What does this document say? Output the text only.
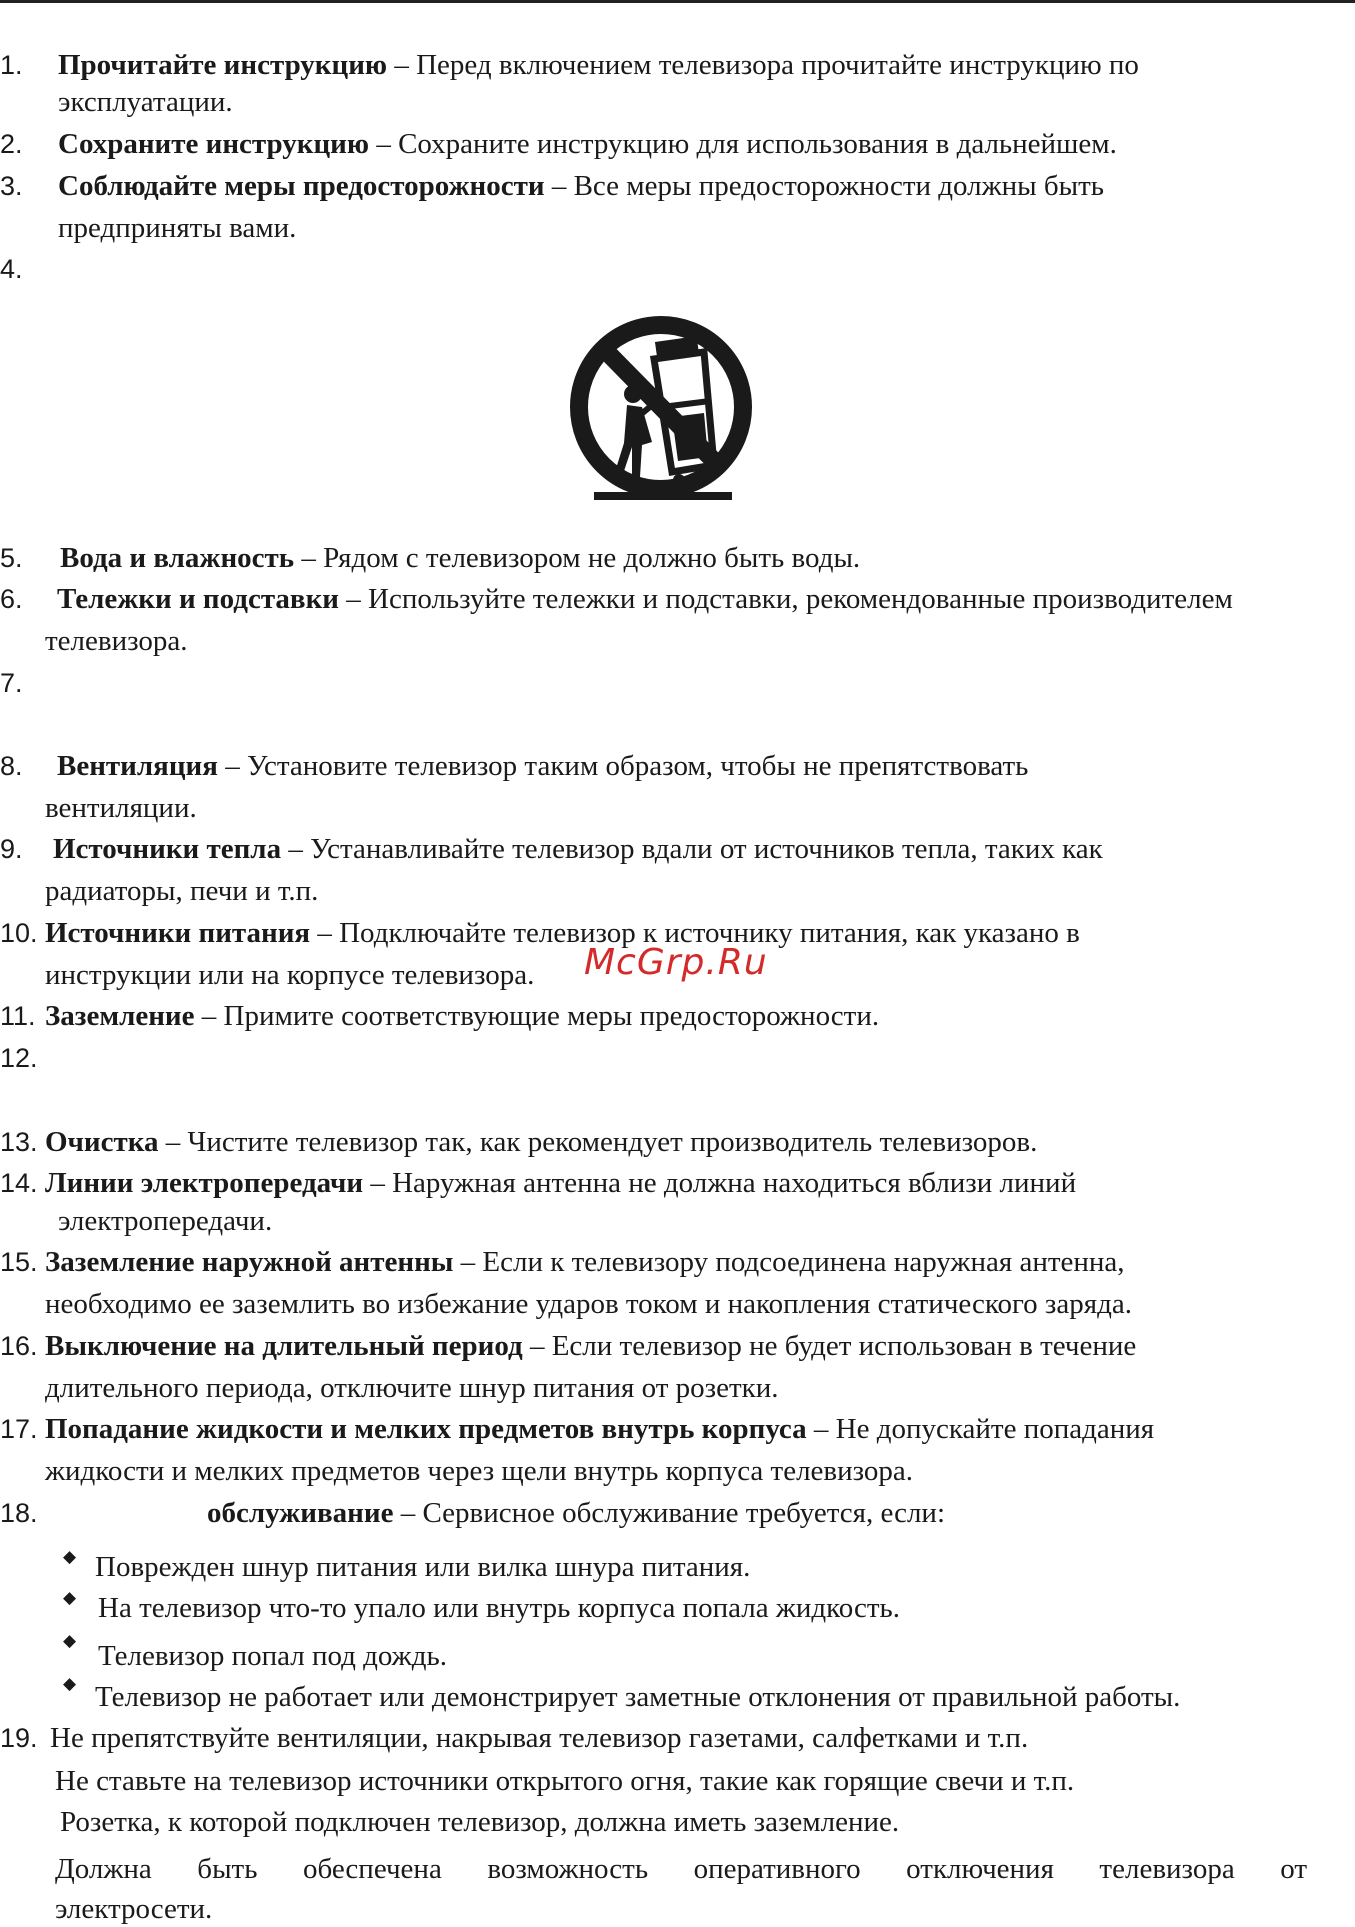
1. Прочитайте инструкцию – Перед включением телевизора прочитайте инструкцию по
эксплуатации.
2. Сохраните инструкцию – Сохраните инструкцию для использования в дальнейшем.
3. Соблюдайте меры предосторожности – Все меры предосторожности должны быть
предприняты вами.
4.
5. Вода и влажность – Рядом с телевизором не должно быть воды.
6. Тележки и подставки – Используйте тележки и подставки, рекомендованные производителем
телевизора.
7.
8. Вентиляция – Установите телевизор таким образом, чтобы не препятствовать
вентиляции.
9. Источники тепла – Устанавливайте телевизор вдали от источников тепла, таких как
радиаторы, печи и т.п.
10. Источники питания – Подключайте телевизор к источнику питания, как указано в
инструкции или на корпусе телевизора. McGrp.Ru
11. Заземление – Примите соответствующие меры предосторожности.
12.
13. Очистка – Чистите телевизор так, как рекомендует производитель телевизоров.
14. Линии электропередачи – Наружная антенна не должна находиться вблизи линий
электропередачи.
15. Заземление наружной антенны – Если к телевизору подсоединена наружная антенна,
необходимо ее заземлить во избежание ударов током и накопления статического заряда.
16. Выключение на длительный период – Если телевизор не будет использован в течение
длительного периода, отключите шнур питания от розетки.
17. Попадание жидкости и мелких предметов внутрь корпуса – Не допускайте попадания
жидкости и мелких предметов через щели внутрь корпуса телевизора.
18.	обслуживание – Сервисное обслуживание требуется, если:
◆ Поврежден шнур питания или вилка шнура питания.
◆ На телевизор что-то упало или внутрь корпуса попала жидкость.
◆ Телевизор попал под дождь.
◆ Телевизор не работает или демонстрирует заметные отклонения от правильной работы.
19. Не препятствуйте вентиляции, накрывая телевизор газетами, салфетками и т.п.
Не ставьте на телевизор источники открытого огня, такие как горящие свечи и т.п.
Розетка, к которой подключен телевизор, должна иметь заземление.
Должна быть обеспечена возможность оперативного отключения телевизора от
электросети.
